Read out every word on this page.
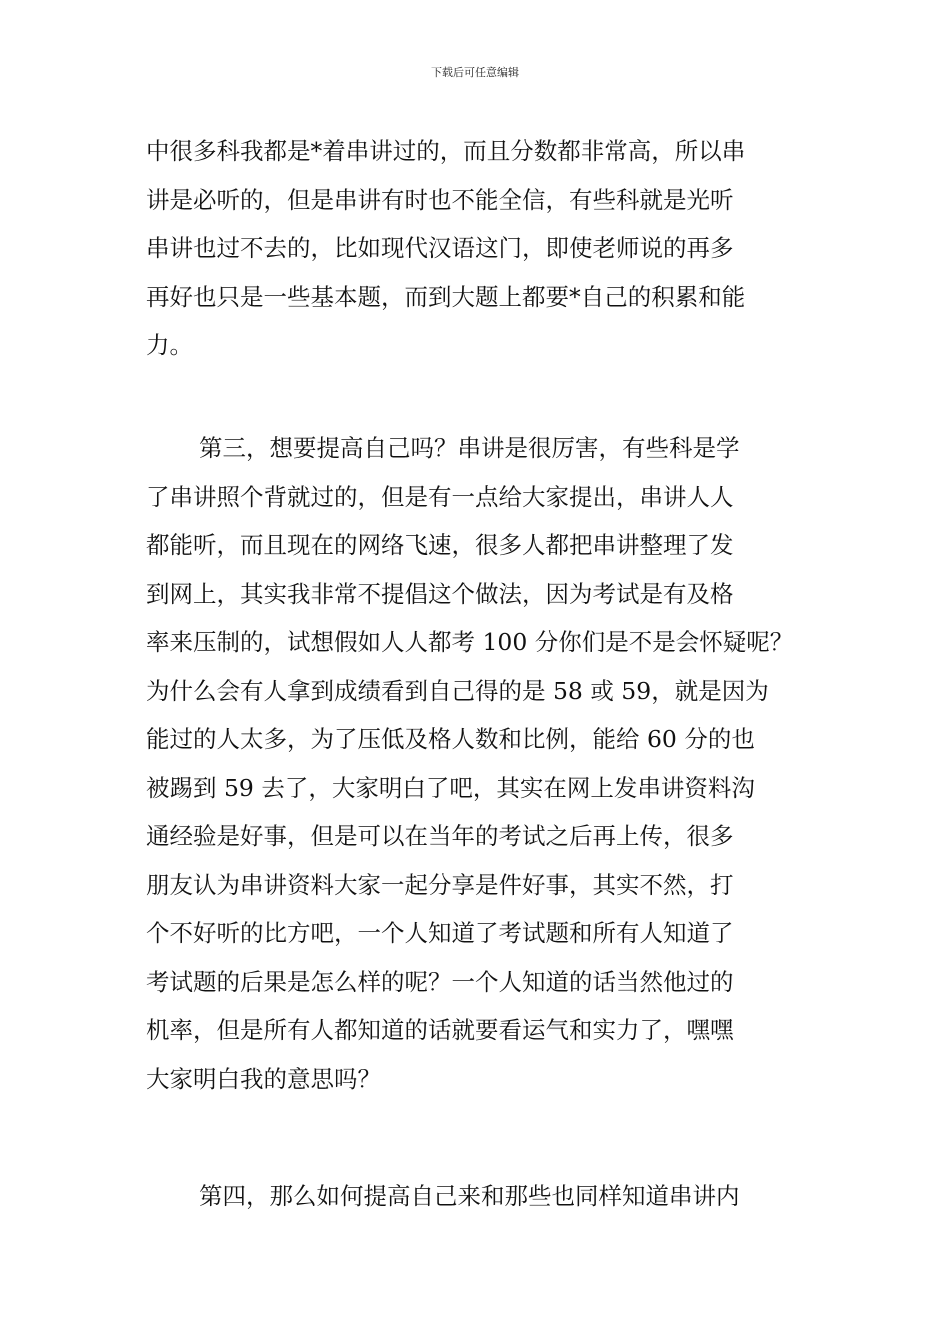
下载后可任意编辑
中很多科我都是*着串讲过的，而且分数都非常高，所以串
讲是必听的，但是串讲有时也不能全信，有些科就是光听
串讲也过不去的，比如现代汉语这门，即使老师说的再多
再好也只是一些基本题，而到大题上都要*自己的积累和能
力。
第三，想要提高自己吗？串讲是很厉害，有些科是学
了串讲照个背就过的，但是有一点给大家提出，串讲人人
都能听，而且现在的网络飞速，很多人都把串讲整理了发
到网上，其实我非常不提倡这个做法，因为考试是有及格
率来压制的，试想假如人人都考 100 分你们是不是会怀疑呢？
为什么会有人拿到成绩看到自己得的是 58 或 59，就是因为
能过的人太多，为了压低及格人数和比例，能给 60 分的也
被踢到 59 去了，大家明白了吧，其实在网上发串讲资料沟
通经验是好事，但是可以在当年的考试之后再上传，很多
朋友认为串讲资料大家一起分享是件好事，其实不然，打
个不好听的比方吧，一个人知道了考试题和所有人知道了
考试题的后果是怎么样的呢？一个人知道的话当然他过的
机率，但是所有人都知道的话就要看运气和实力了，嘿嘿
大家明白我的意思吗？
第四，那么如何提高自己来和那些也同样知道串讲内
